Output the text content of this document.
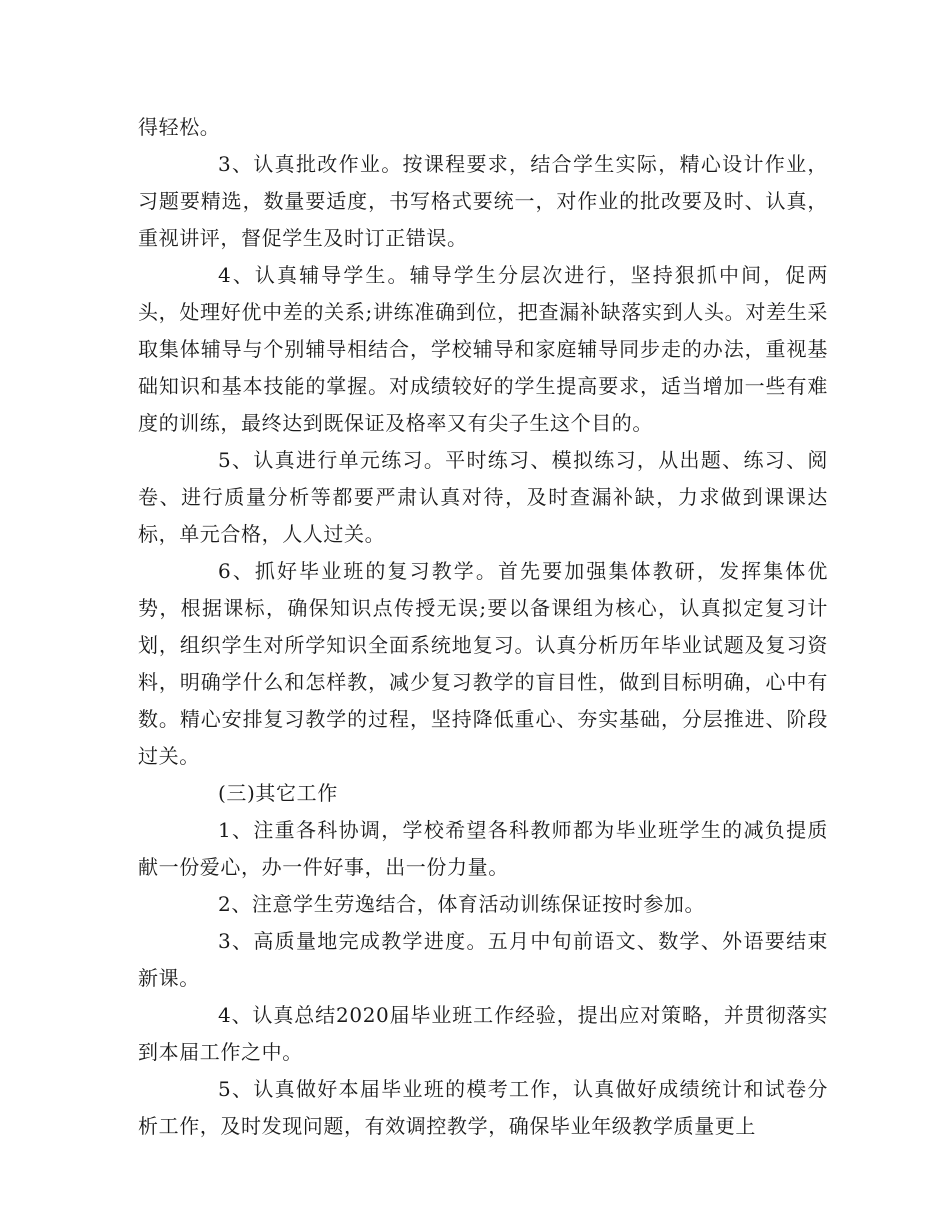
得轻松。

3、认真批改作业。按课程要求，结合学生实际，精心设计作业，习题要精选，数量要适度，书写格式要统一，对作业的批改要及时、认真，重视讲评，督促学生及时订正错误。

4、认真辅导学生。辅导学生分层次进行，坚持狠抓中间，促两头，处理好优中差的关系;讲练准确到位，把查漏补缺落实到人头。对差生采取集体辅导与个别辅导相结合，学校辅导和家庭辅导同步走的办法，重视基础知识和基本技能的掌握。对成绩较好的学生提高要求，适当增加一些有难度的训练，最终达到既保证及格率又有尖子生这个目的。

5、认真进行单元练习。平时练习、模拟练习，从出题、练习、阅卷、进行质量分析等都要严肃认真对待，及时查漏补缺，力求做到课课达标，单元合格，人人过关。

6、抓好毕业班的复习教学。首先要加强集体教研，发挥集体优势，根据课标，确保知识点传授无误;要以备课组为核心，认真拟定复习计划，组织学生对所学知识全面系统地复习。认真分析历年毕业试题及复习资料，明确学什么和怎样教，减少复习教学的盲目性，做到目标明确，心中有数。精心安排复习教学的过程，坚持降低重心、夯实基础，分层推进、阶段过关。

(三)其它工作

1、注重各科协调，学校希望各科教师都为毕业班学生的减负提质献一份爱心，办一件好事，出一份力量。

2、注意学生劳逸结合，体育活动训练保证按时参加。

3、高质量地完成教学进度。五月中旬前语文、数学、外语要结束新课。

4、认真总结2020届毕业班工作经验，提出应对策略，并贯彻落实到本届工作之中。

5、认真做好本届毕业班的模考工作，认真做好成绩统计和试卷分析工作，及时发现问题，有效调控教学，确保毕业年级教学质量更上
